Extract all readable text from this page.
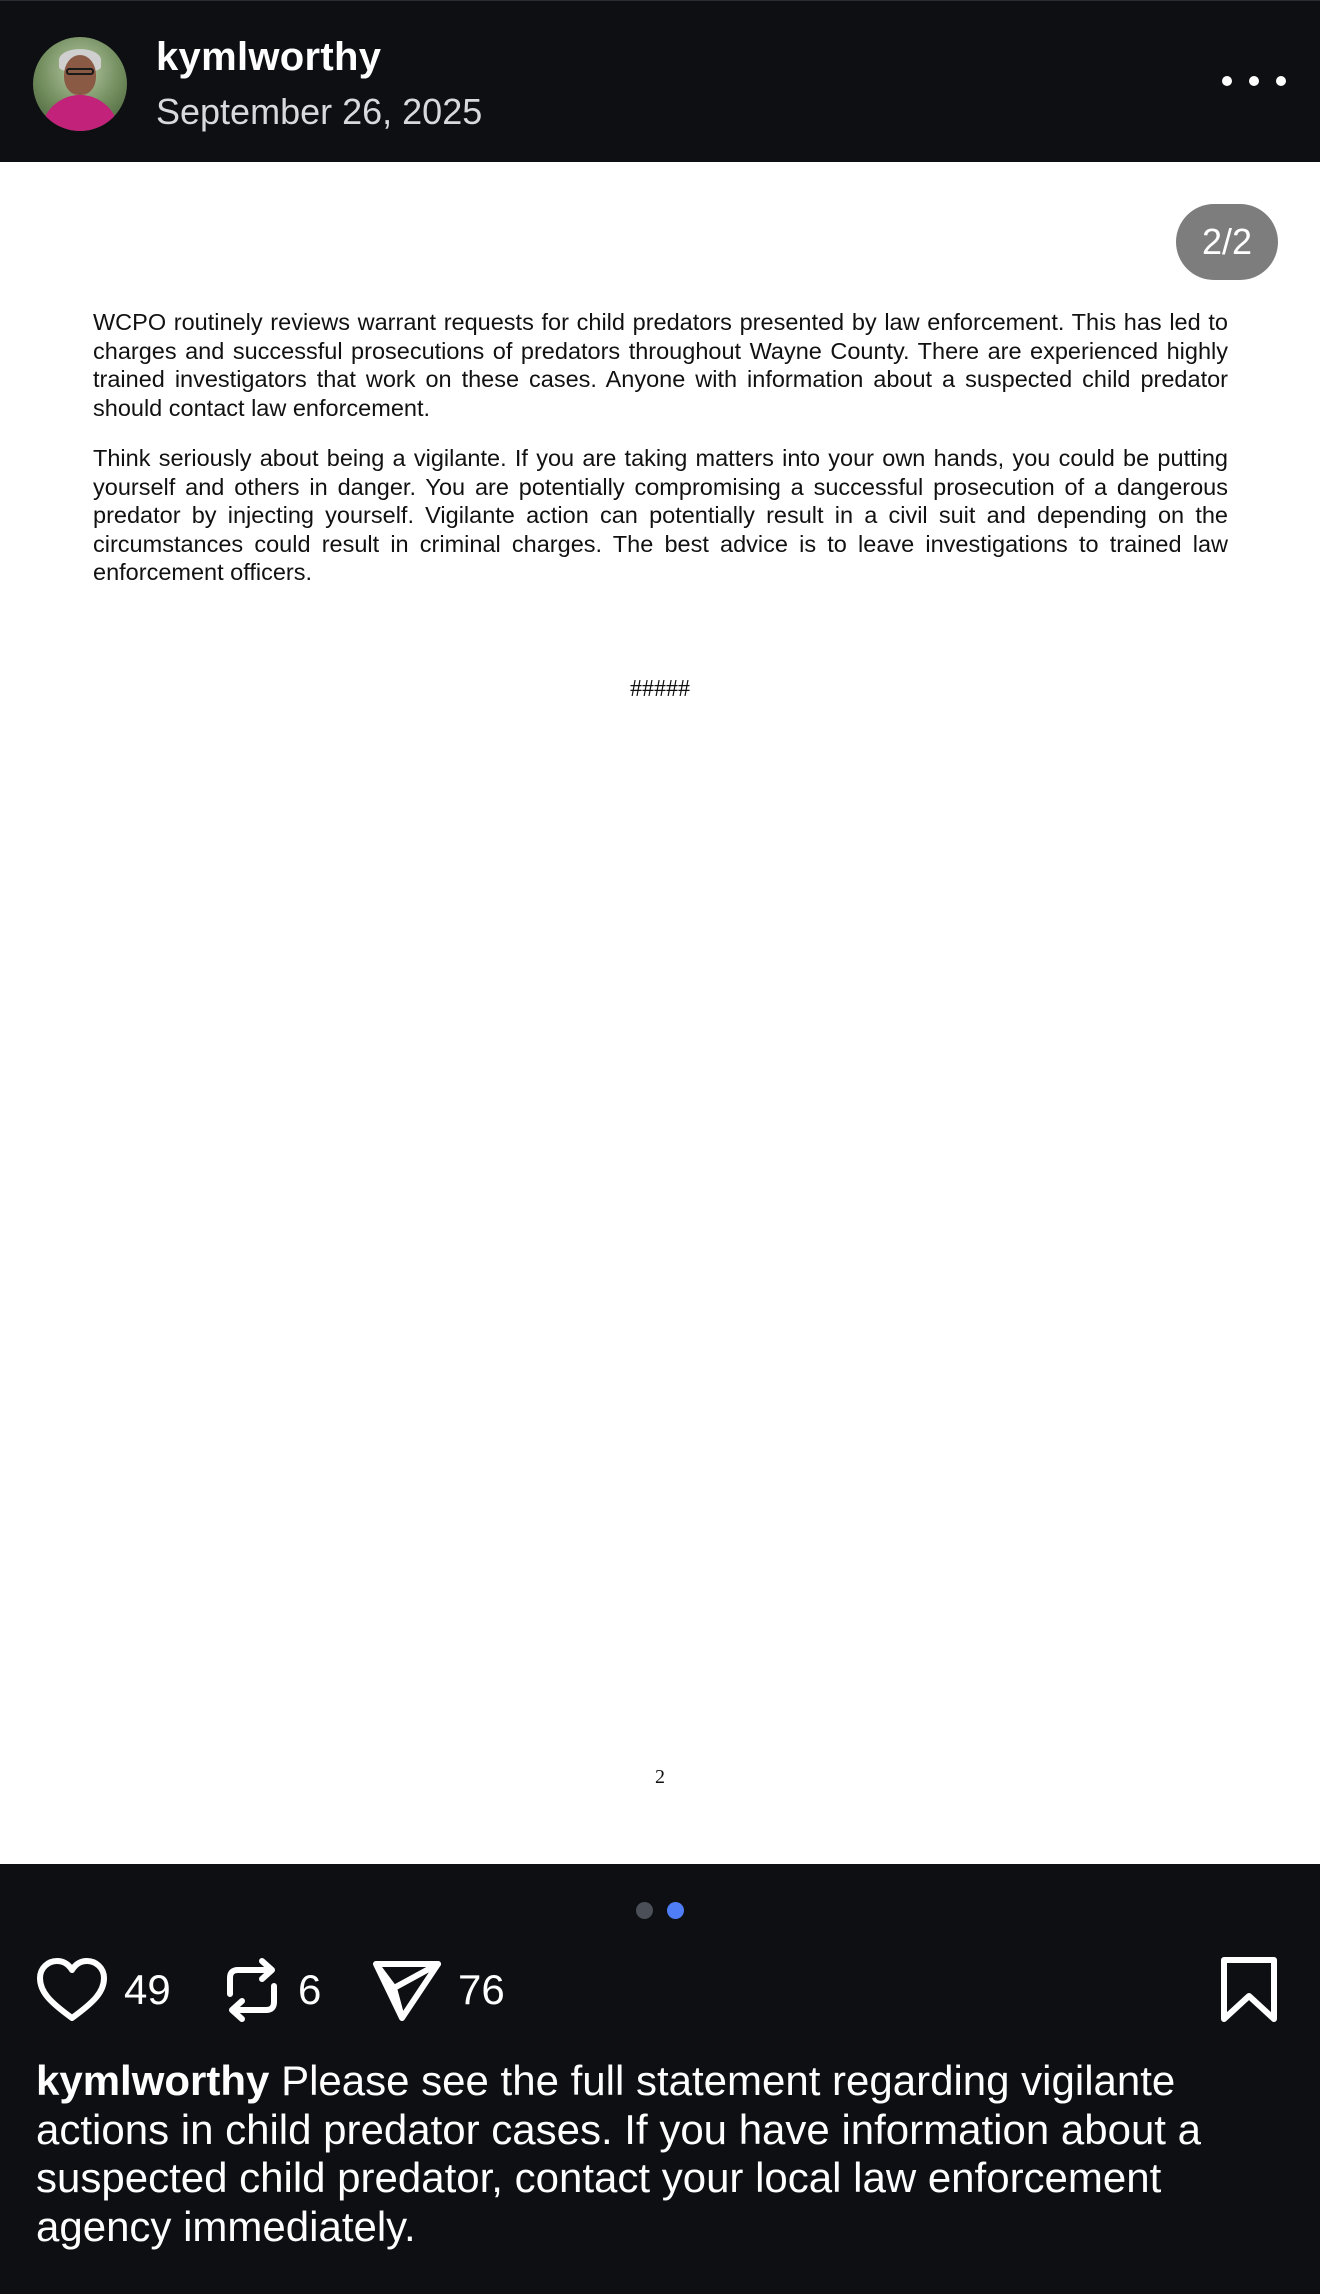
kymlworthy
September 26, 2025
2/2

WCPO routinely reviews warrant requests for child predators presented by law enforcement. This has led to charges and successful prosecutions of predators throughout Wayne County. There are experienced highly trained investigators that work on these cases. Anyone with information about a suspected child predator should contact law enforcement.

Think seriously about being a vigilante. If you are taking matters into your own hands, you could be putting yourself and others in danger. You are potentially compromising a successful prosecution of a dangerous predator by injecting yourself. Vigilante action can potentially result in a civil suit and depending on the circumstances could result in criminal charges. The best advice is to leave investigations to trained law enforcement officers.

#####
2
49	6	76
kymlworthy Please see the full statement regarding vigilante actions in child predator cases. If you have information about a suspected child predator, contact your local law enforcement agency immediately.
